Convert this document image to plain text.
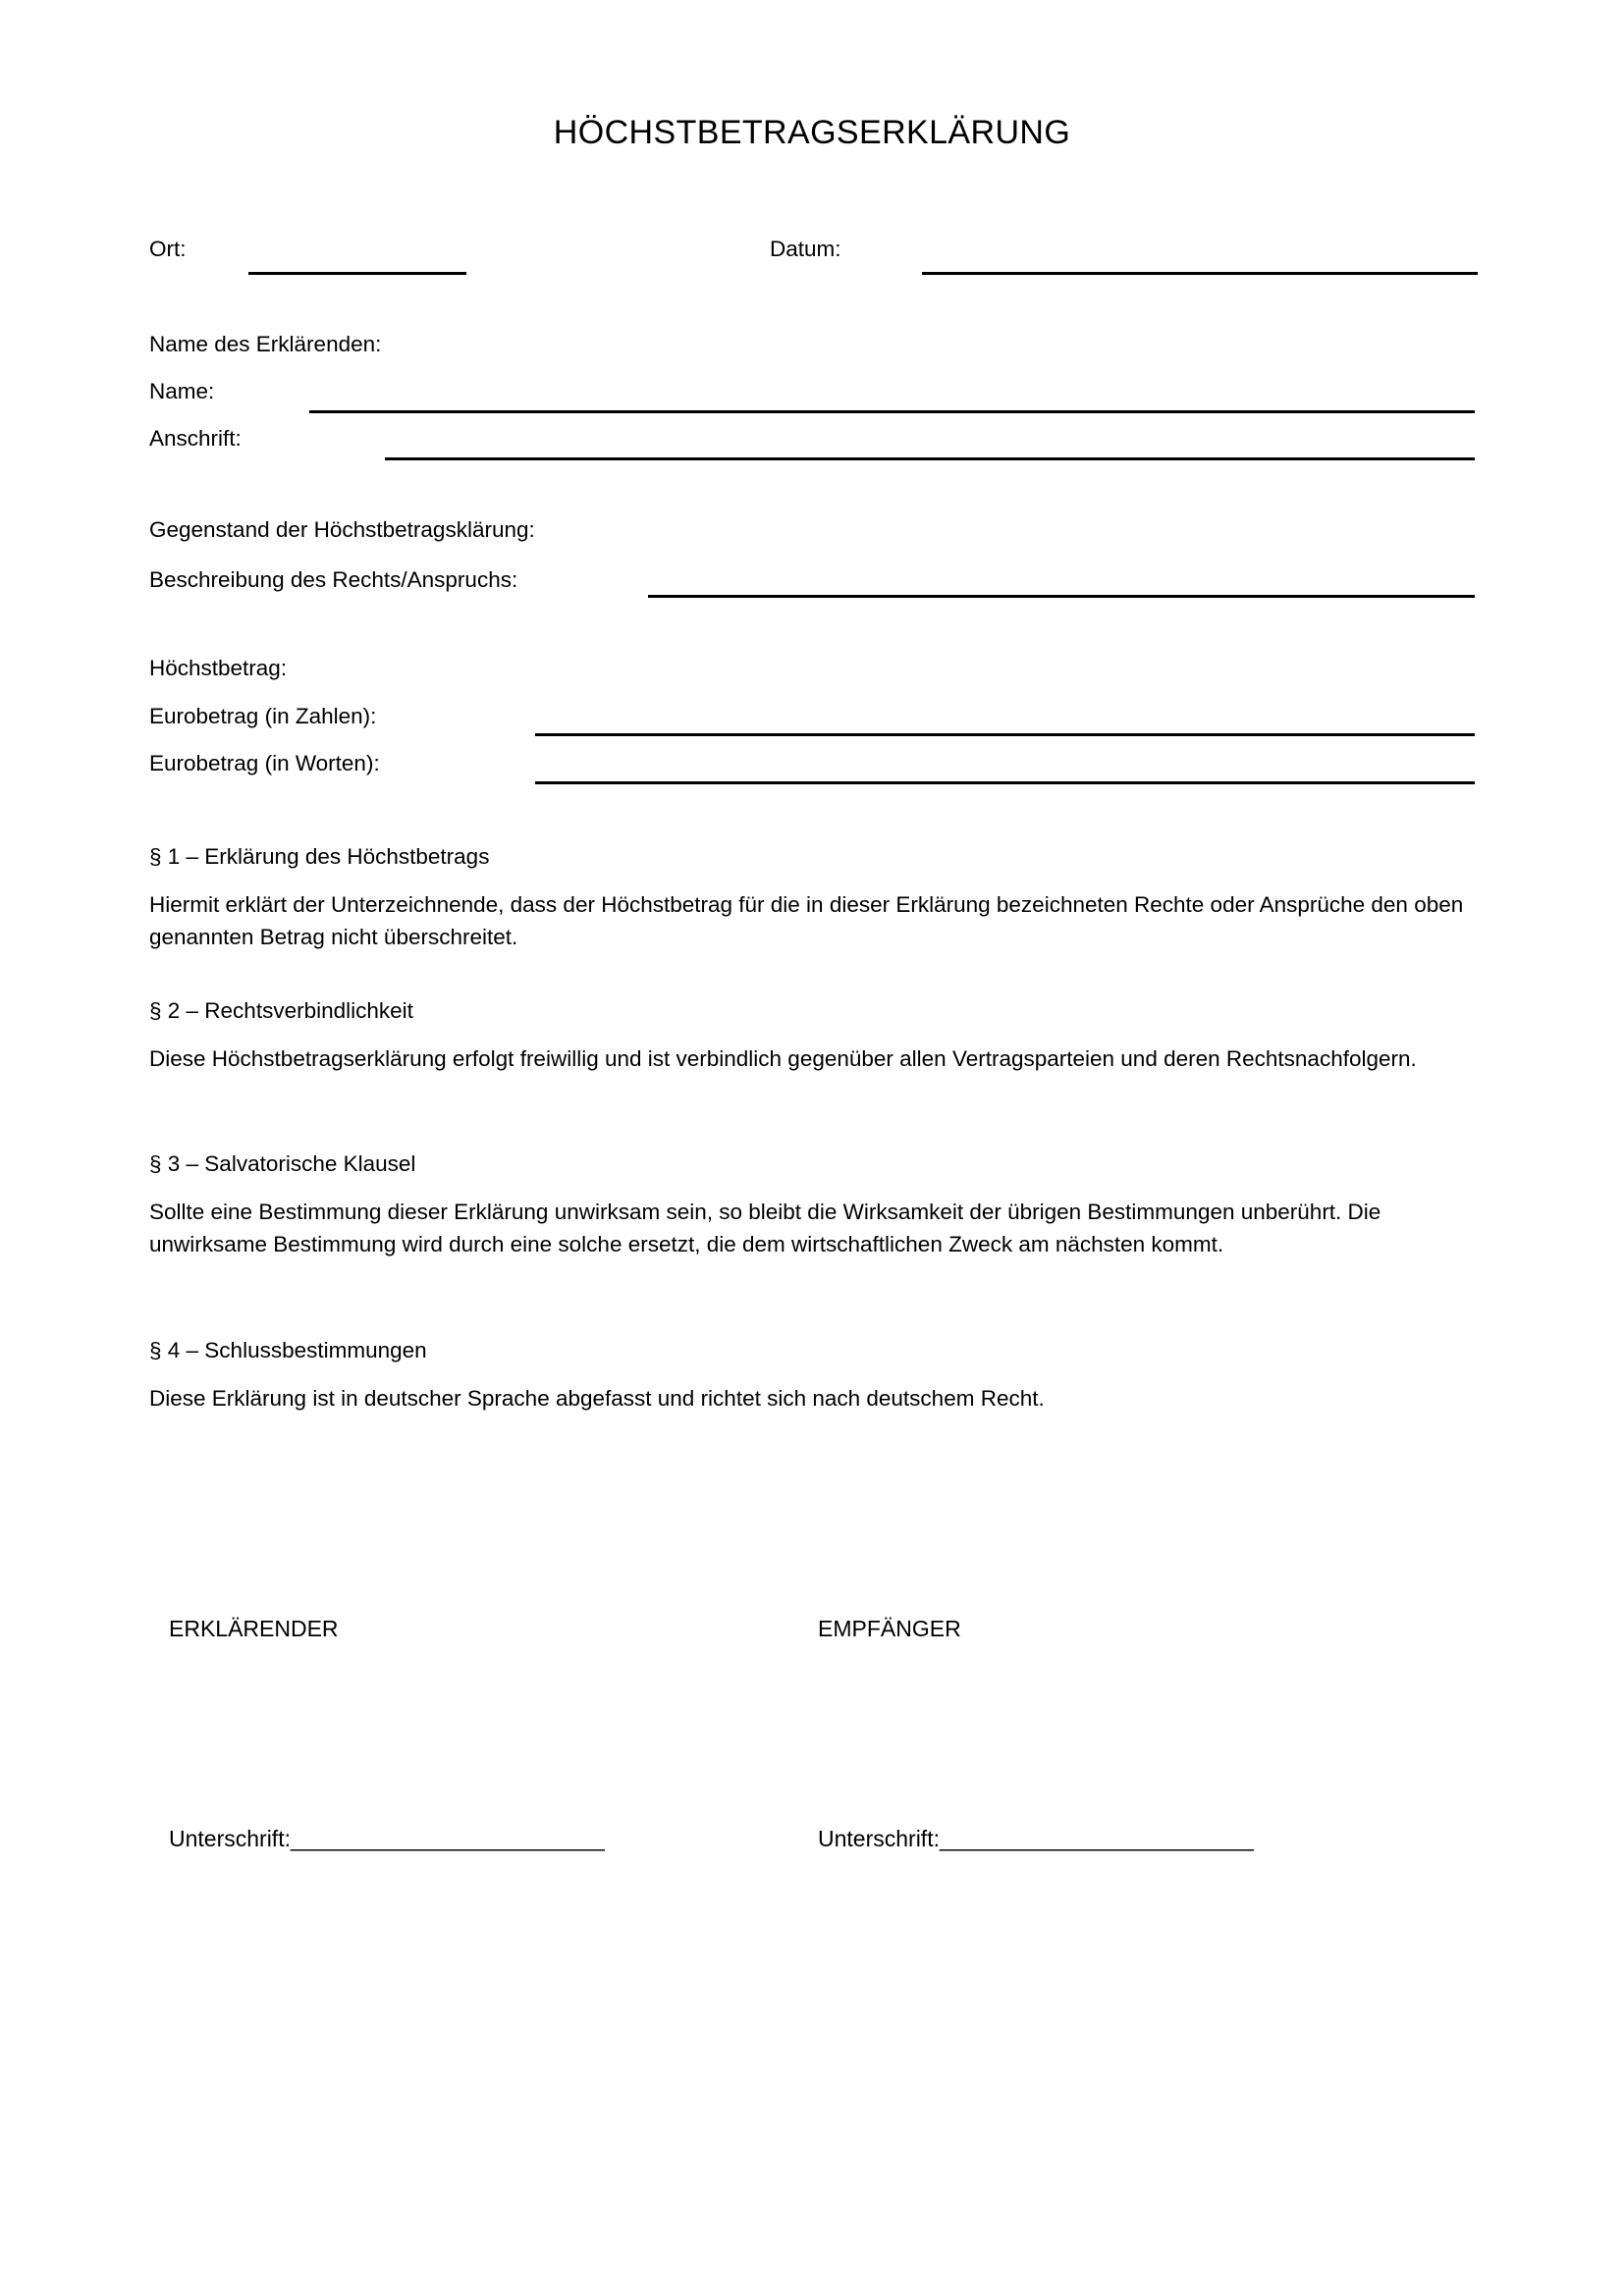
HÖCHSTBETRAGSERKLÄRUNG
Ort:	Datum:
Name des Erklärenden:
Name:
Anschrift:
Gegenstand der Höchstbetragsklärung:
Beschreibung des Rechts/Anspruchs:
Höchstbetrag:
Eurobetrag (in Zahlen):
Eurobetrag (in Worten):
§ 1 – Erklärung des Höchstbetrags
Hiermit erklärt der Unterzeichnende, dass der Höchstbetrag für die in dieser Erklärung bezeichneten Rechte oder Ansprüche den oben genannten Betrag nicht überschreitet.
§ 2 – Rechtsverbindlichkeit
Diese Höchstbetragserklärung erfolgt freiwillig und ist verbindlich gegenüber allen Vertragsparteien und deren Rechtsnachfolgern.
§ 3 – Salvatorische Klausel
Sollte eine Bestimmung dieser Erklärung unwirksam sein, so bleibt die Wirksamkeit der übrigen Bestimmungen unberührt. Die unwirksame Bestimmung wird durch eine solche ersetzt, die dem wirtschaftlichen Zweck am nächsten kommt.
§ 4 – Schlussbestimmungen
Diese Erklärung ist in deutscher Sprache abgefasst und richtet sich nach deutschem Recht.
ERKLÄRENDER	EMPFÄNGER
Unterschrift:_________________________	Unterschrift:_________________________
